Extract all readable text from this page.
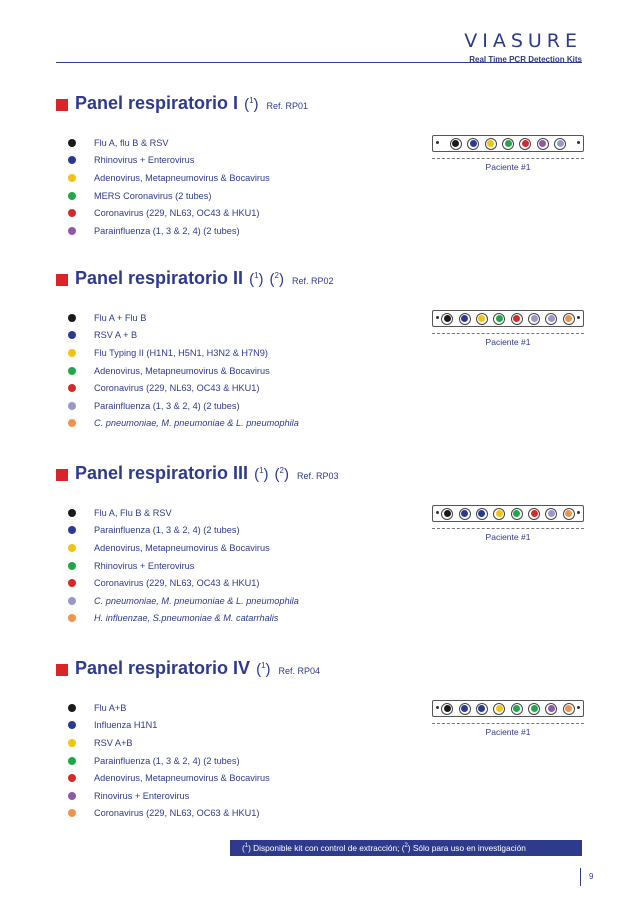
VIASURE
Real Time PCR Detection Kits
Panel respiratorio I ($^1$) Ref. RP01
Flu A, flu B & RSV
Rhinovirus + Enterovirus
Adenovirus, Metapneumovirus & Bocavirus
MERS Coronavirus (2 tubes)
Coronavirus (229, NL63, OC43 & HKU1)
Parainfluenza (1, 3 & 2, 4) (2 tubes)
Paciente #1
Panel respiratorio II ($^1$) ($^2$) Ref. RP02
Flu A + Flu B
RSV A + B
Flu Typing II (H1N1, H5N1, H3N2 & H7N9)
Adenovirus, Metapneumovirus & Bocavirus
Coronavirus (229, NL63, OC43 & HKU1)
Parainfluenza (1, 3 & 2, 4) (2 tubes)
C. pneumoniae, M. pneumoniae & L. pneumophila
Paciente #1
Panel respiratorio III ($^1$) ($^2$) Ref. RP03
Flu A, Flu B & RSV
Parainfluenza (1, 3 & 2, 4) (2 tubes)
Adenovirus, Metapneumovirus & Bocavirus
Rhinovirus + Enterovirus
Coronavirus (229, NL63, OC43 & HKU1)
C. pneumoniae, M. pneumoniae & L. pneumophila
H. influenzae, S.pneumoniae & M. catarrhalis
Paciente #1
Panel respiratorio IV ($^1$) Ref. RP04
Flu A+B
Influenza H1N1
RSV A+B
Parainfluenza (1, 3 & 2, 4) (2 tubes)
Adenovirus, Metapneumovirus & Bocavirus
Rinovirus + Enterovirus
Coronavirus (229, NL63, OC63 & HKU1)
Paciente #1
($^1$) Disponible kit con control de extracción; ($^2$) Sólo para uso en investigación
9
